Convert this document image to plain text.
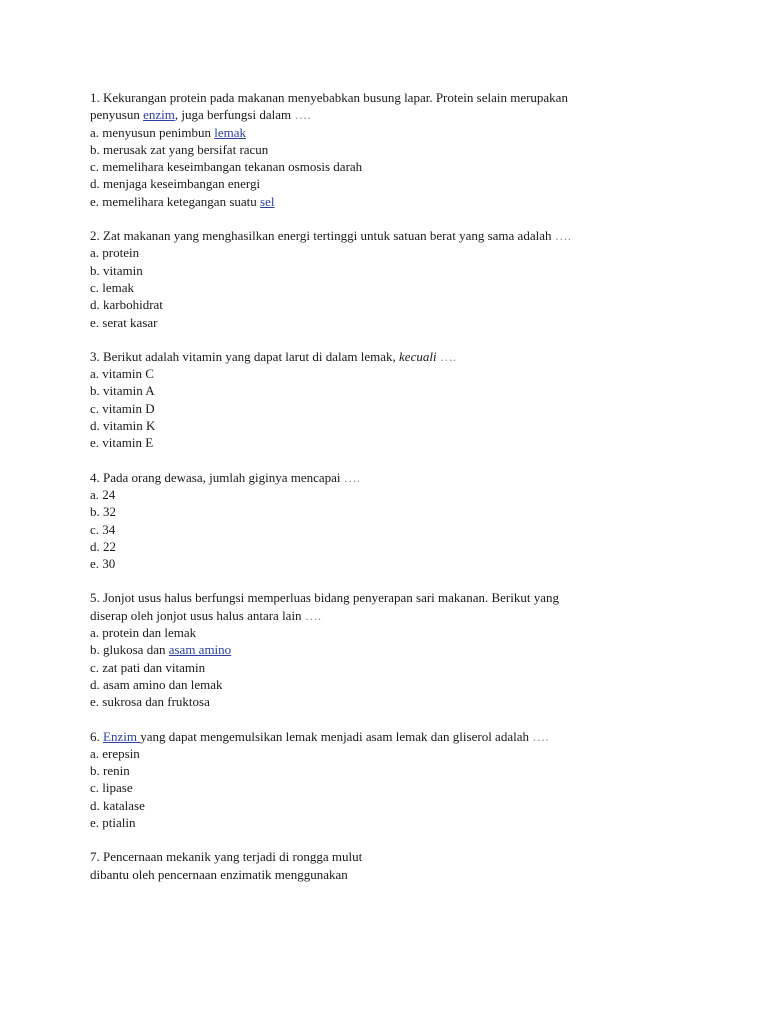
1. Kekurangan protein pada makanan menyebabkan busung lapar. Protein selain merupakan
penyusun enzim, juga berfungsi dalam ….
a. menyusun penimbun lemak
b. merusak zat yang bersifat racun
c. memelihara keseimbangan tekanan osmosis darah
d. menjaga keseimbangan energi
e. memelihara ketegangan suatu sel
2. Zat makanan yang menghasilkan energi tertinggi untuk satuan berat yang sama adalah ….
a. protein
b. vitamin
c. lemak
d. karbohidrat
e. serat kasar
3. Berikut adalah vitamin yang dapat larut di dalam lemak, kecuali ….
a. vitamin C
b. vitamin A
c. vitamin D
d. vitamin K
e. vitamin E
4. Pada orang dewasa, jumlah giginya mencapai ….
a. 24
b. 32
c. 34
d. 22
e. 30
5. Jonjot usus halus berfungsi memperluas bidang penyerapan sari makanan. Berikut yang
diserap oleh jonjot usus halus antara lain ….
a. protein dan lemak
b. glukosa dan asam amino
c. zat pati dan vitamin
d. asam amino dan lemak
e. sukrosa dan fruktosa
6. Enzim yang dapat mengemulsikan lemak menjadi asam lemak dan gliserol adalah ….
a. erepsin
b. renin
c. lipase
d. katalase
e. ptialin
7. Pencernaan mekanik yang terjadi di rongga mulut
dibantu oleh pencernaan enzimatik menggunakan
